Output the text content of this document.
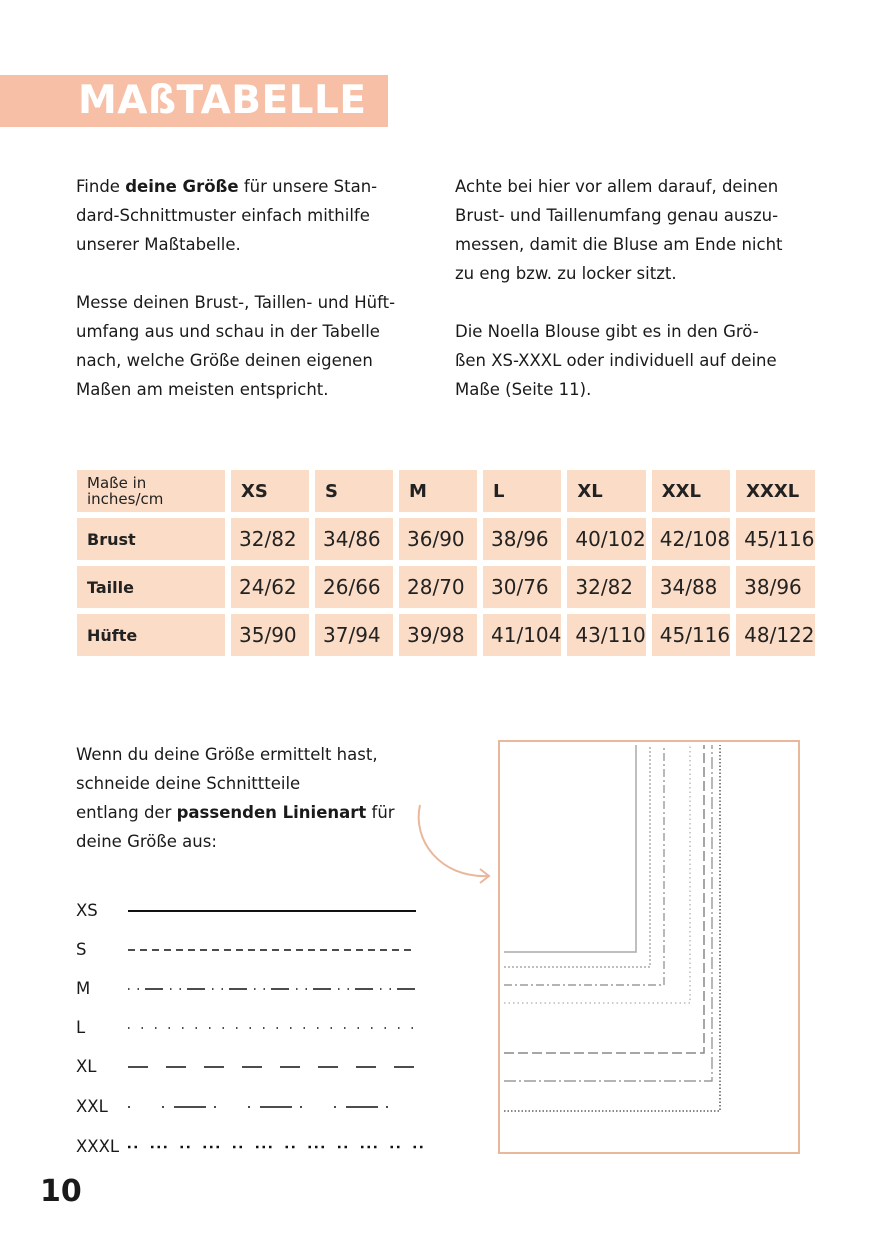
MAßTABELLE

Finde deine Größe für unsere Stan-
dard-Schnittmuster einfach mithilfe
unserer Maßtabelle.

Messe deinen Brust-, Taillen- und Hüft-
umfang aus und schau in der Tabelle
nach, welche Größe deinen eigenen
Maßen am meisten entspricht.

Achte bei hier vor allem darauf, deinen
Brust- und Taillenumfang genau auszu-
messen, damit die Bluse am Ende nicht
zu eng bzw. zu locker sitzt.

Die Noella Blouse gibt es in den Grö-
ßen XS-XXXL oder individuell auf deine
Maße (Seite 11).

Maße in
inches/cm	XS	S	M	L	XL	XXL	XXXL
Brust	32/82	34/86	36/90	38/96	40/102	42/108	45/116
Taille	24/62	26/66	28/70	30/76	32/82	34/88	38/96
Hüfte	35/90	37/94	39/98	41/104	43/110	45/116	48/122
Wenn du deine Größe ermittelt hast,
schneide deine Schnittteile
entlang der passenden Linienart für
deine Größe aus:
XS
S
M
L
XL
XXL
XXXL
10
